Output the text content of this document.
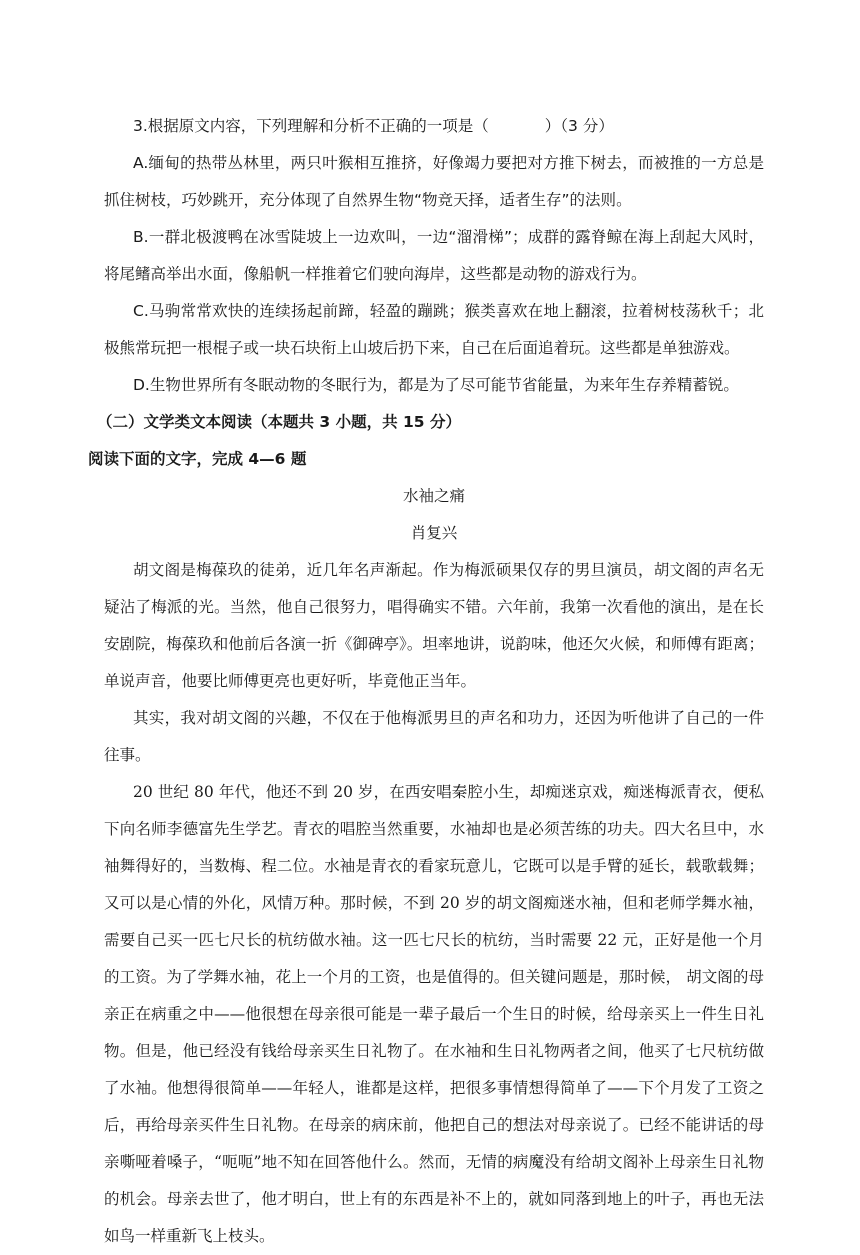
3.根据原文内容，下列理解和分析不正确的一项是（	）（3 分）

A.缅甸的热带丛林里，两只叶猴相互推挤，好像竭力要把对方推下树去，而被推的一方总是抓住树枝，巧妙跳开，充分体现了自然界生物“物竞天择，适者生存”的法则。

B.一群北极渡鸭在冰雪陡坡上一边欢叫，一边“溜滑梯”；成群的露脊鲸在海上刮起大风时，将尾鳍高举出水面，像船帆一样推着它们驶向海岸，这些都是动物的游戏行为。

C.马驹常常欢快的连续扬起前蹄，轻盈的蹦跳；猴类喜欢在地上翻滚，拉着树枝荡秋千；北极熊常玩把一根棍子或一块石块衔上山坡后扔下来，自己在后面追着玩。这些都是单独游戏。

D.生物世界所有冬眠动物的冬眠行为，都是为了尽可能节省能量，为来年生存养精蓄锐。

（二）文学类文本阅读（本题共 3 小题，共 15 分）

阅读下面的文字，完成 4—6 题

水袖之痛

肖复兴

胡文阁是梅葆玖的徒弟，近几年名声渐起。作为梅派硕果仅存的男旦演员，胡文阁的声名无疑沾了梅派的光。当然，他自己很努力，唱得确实不错。六年前，我第一次看他的演出，是在长安剧院，梅葆玖和他前后各演一折《御碑亭》。坦率地讲，说韵味，他还欠火候，和师傅有距离；单说声音，他要比师傅更亮也更好听，毕竟他正当年。

其实，我对胡文阁的兴趣，不仅在于他梅派男旦的声名和功力，还因为听他讲了自己的一件往事。

20 世纪 80 年代，他还不到 20 岁，在西安唱秦腔小生，却痴迷京戏，痴迷梅派青衣，便私下向名师李德富先生学艺。青衣的唱腔当然重要，水袖却也是必须苦练的功夫。四大名旦中，水袖舞得好的，当数梅、程二位。水袖是青衣的看家玩意儿，它既可以是手臂的延长，载歌载舞；又可以是心情的外化，风情万种。那时候，不到 20 岁的胡文阁痴迷水袖，但和老师学舞水袖，需要自己买一匹七尺长的杭纺做水袖。这一匹七尺长的杭纺，当时需要 22 元，正好是他一个月的工资。为了学舞水袖，花上一个月的工资，也是值得的。但关键问题是，那时候， 胡文阁的母亲正在病重之中——他很想在母亲很可能是一辈子最后一个生日的时候，给母亲买上一件生日礼物。但是，他已经没有钱给母亲买生日礼物了。在水袖和生日礼物两者之间，他买了七尺杭纺做了水袖。他想得很简单——年轻人，谁都是这样，把很多事情想得简单了——下个月发了工资之后，再给母亲买件生日礼物。在母亲的病床前，他把自己的想法对母亲说了。已经不能讲话的母亲嘶哑着嗓子，“呃呃”地不知在回答他什么。然而，无情的病魔没有给胡文阁补上母亲生日礼物的机会。母亲去世了，他才明白，世上有的东西是补不上的，就如同落到地上的叶子，再也无法如鸟一样重新飞上枝头。
